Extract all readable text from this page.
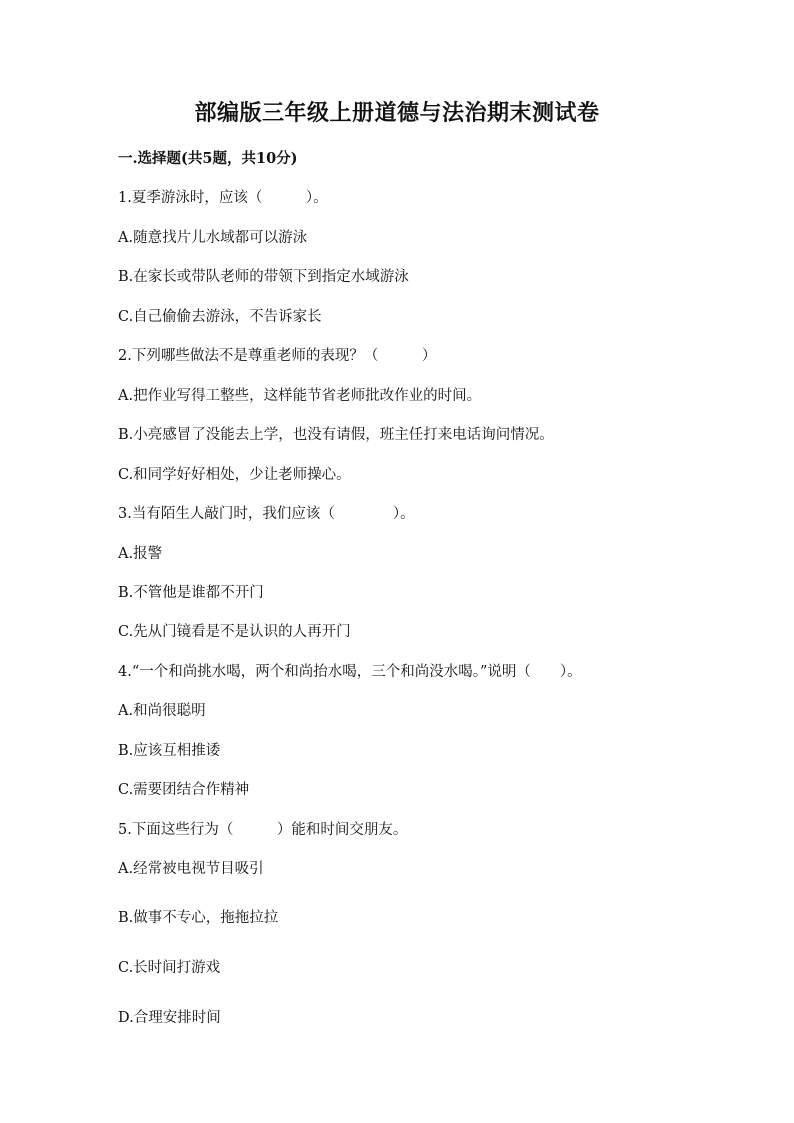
部编版三年级上册道德与法治期末测试卷
一.选择题(共5题，共10分)
1.夏季游泳时，应该（　　　）。
A.随意找片儿水域都可以游泳
B.在家长或带队老师的带领下到指定水域游泳
C.自己偷偷去游泳，不告诉家长
2.下列哪些做法不是尊重老师的表现？（　　　）
A.把作业写得工整些，这样能节省老师批改作业的时间。
B.小亮感冒了没能去上学，也没有请假，班主任打来电话询问情况。
C.和同学好好相处，少让老师操心。
3.当有陌生人敲门时，我们应该（　　　　）。
A.报警
B.不管他是谁都不开门
C.先从门镜看是不是认识的人再开门
4.“一个和尚挑水喝，两个和尚抬水喝，三个和尚没水喝。”说明（　　）。
A.和尚很聪明
B.应该互相推诿
C.需要团结合作精神
5.下面这些行为（　　　）能和时间交朋友。
A.经常被电视节目吸引
B.做事不专心，拖拖拉拉
C.长时间打游戏
D.合理安排时间
